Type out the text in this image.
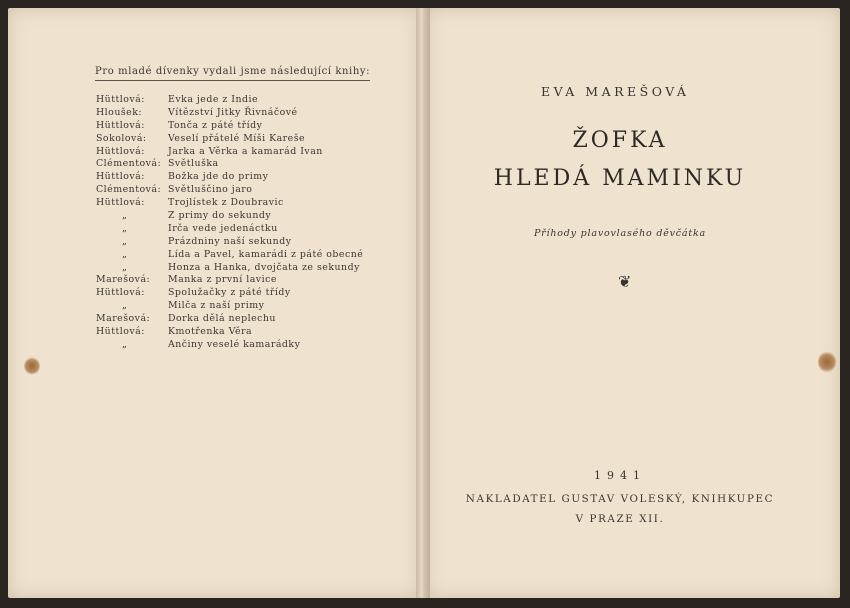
Pro mladé dívenky vydali jsme následující knihy:
Hüttlová: Evka jede z Indie
Hloušek:	Vítězství Jitky Řivnáčové
Hüttlová: Tonča z páté třídy
Sokolová: Veselí přátelé Míši Kareše
Hüttlová: Jarka a Věrka a kamarád Ivan
Clémentová: Světluška
Hüttlová: Božka jde do primy
Clémentová: Světluščino jaro
Hüttlová: Trojlístek z Doubravic
„	Z primy do sekundy
„	Irča vede jedenáctku
„	Prázdniny naší sekundy
„	Lída a Pavel, kamarádi z páté obecné
„	Honza a Hanka, dvojčata ze sekundy
Marešová: Manka z první lavice
Hüttlová: Spolužačky z páté třídy
„	Milča z naší primy
Marešová: Dorka dělá neplechu
Hüttlová: Kmotřenka Věra
„	Ančiny veselé kamarádky
EVA MAREŠOVÁ
ŽOFKA
HLEDÁ MAMINKU
Příhody plavovlasého děvčátka
❦
1941
NAKLADATEL GUSTAV VOLESKÝ, KNIHKUPEC
V PRAZE XII.
